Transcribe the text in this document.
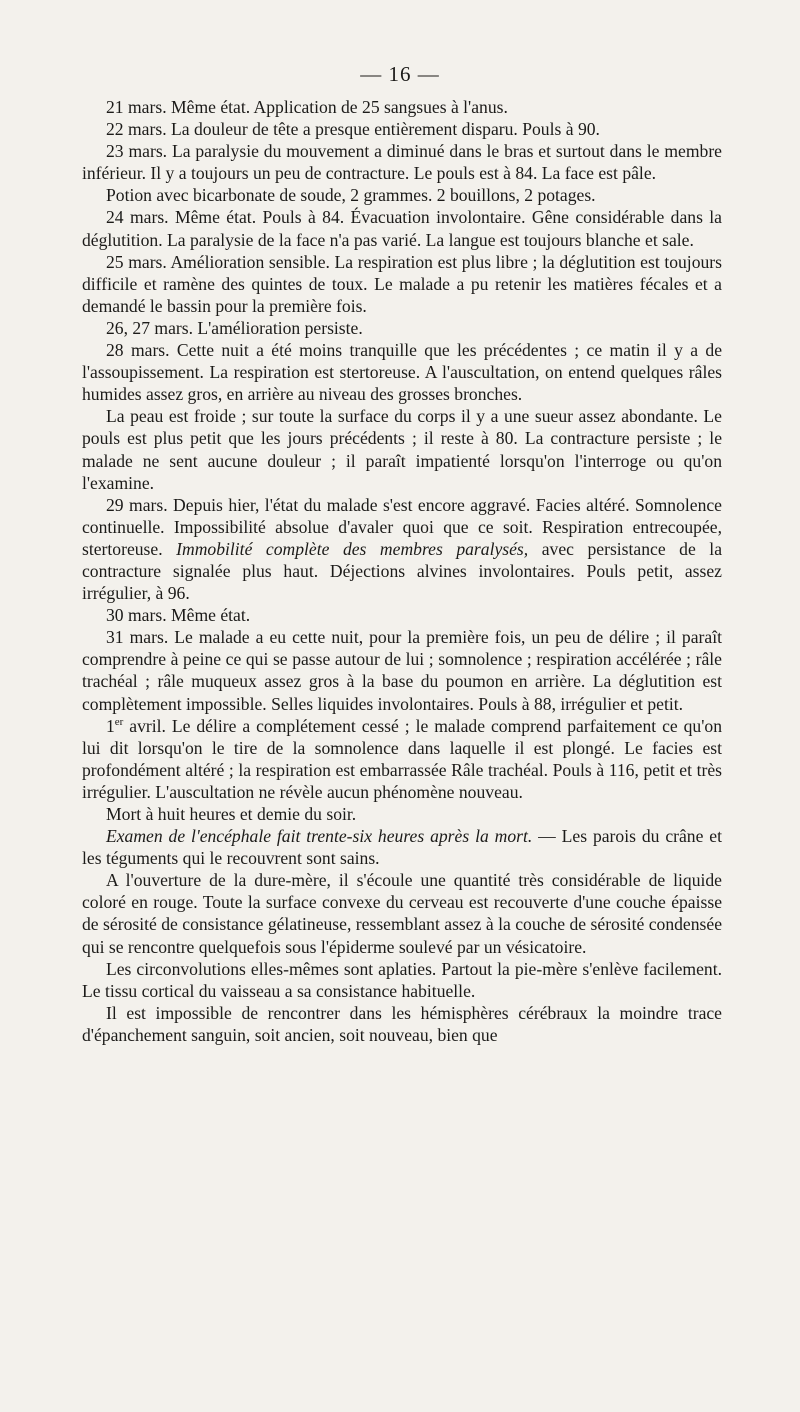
— 16 —

21 mars. Même état. Application de 25 sangsues à l'anus.

22 mars. La douleur de tête a presque entièrement disparu. Pouls à 90.

23 mars. La paralysie du mouvement a diminué dans le bras et surtout dans le membre inférieur. Il y a toujours un peu de contracture. Le pouls est à 84. La face est pâle.

Potion avec bicarbonate de soude, 2 grammes. 2 bouillons, 2 potages.

24 mars. Même état. Pouls à 84. Évacuation involontaire. Gêne considérable dans la déglutition. La paralysie de la face n'a pas varié. La langue est toujours blanche et sale.

25 mars. Amélioration sensible. La respiration est plus libre ; la déglutition est toujours difficile et ramène des quintes de toux. Le malade a pu retenir les matières fécales et a demandé le bassin pour la première fois.

26, 27 mars. L'amélioration persiste.

28 mars. Cette nuit a été moins tranquille que les précédentes ; ce matin il y a de l'assoupissement. La respiration est stertoreuse. A l'auscultation, on entend quelques râles humides assez gros, en arrière au niveau des grosses bronches.

La peau est froide ; sur toute la surface du corps il y a une sueur assez abondante. Le pouls est plus petit que les jours précédents ; il reste à 80. La contracture persiste ; le malade ne sent aucune douleur ; il paraît impatienté lorsqu'on l'interroge ou qu'on l'examine.

29 mars. Depuis hier, l'état du malade s'est encore aggravé. Facies altéré. Somnolence continuelle. Impossibilité absolue d'avaler quoi que ce soit. Respiration entrecoupée, stertoreuse. Immobilité complète des membres paralysés, avec persistance de la contracture signalée plus haut. Déjections alvines involontaires. Pouls petit, assez irrégulier, à 96.

30 mars. Même état.

31 mars. Le malade a eu cette nuit, pour la première fois, un peu de délire ; il paraît comprendre à peine ce qui se passe autour de lui ; somnolence ; respiration accélérée ; râle trachéal ; râle muqueux assez gros à la base du poumon en arrière. La déglutition est complètement impossible. Selles liquides involontaires. Pouls à 88, irrégulier et petit.

1er avril. Le délire a complétement cessé ; le malade comprend parfaitement ce qu'on lui dit lorsqu'on le tire de la somnolence dans laquelle il est plongé. Le facies est profondément altéré ; la respiration est embarrassée Râle trachéal. Pouls à 116, petit et très irrégulier. L'auscultation ne révèle aucun phénomène nouveau.

Mort à huit heures et demie du soir.

Examen de l'encéphale fait trente-six heures après la mort. — Les parois du crâne et les téguments qui le recouvrent sont sains.

A l'ouverture de la dure-mère, il s'écoule une quantité très considérable de liquide coloré en rouge. Toute la surface convexe du cerveau est recouverte d'une couche épaisse de sérosité de consistance gélatineuse, ressemblant assez à la couche de sérosité condensée qui se rencontre quelquefois sous l'épiderme soulevé par un vésicatoire.

Les circonvolutions elles-mêmes sont aplaties. Partout la pie-mère s'enlève facilement. Le tissu cortical du vaisseau a sa consistance habituelle.

Il est impossible de rencontrer dans les hémisphères cérébraux la moindre trace d'épanchement sanguin, soit ancien, soit nouveau, bien que
